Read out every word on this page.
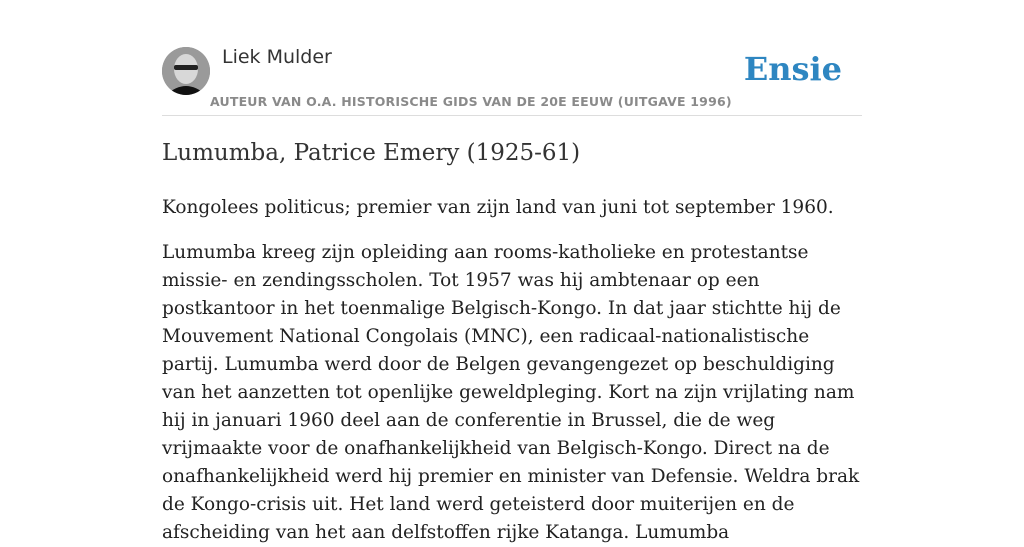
Liek Mulder
AUTEUR VAN O.A. HISTORISCHE GIDS VAN DE 20E EEUW (UITGAVE 1996)
Ensie
Lumumba, Patrice Emery (1925-61)

Kongolees politicus; premier van zijn land van juni tot september 1960.

Lumumba kreeg zijn opleiding aan rooms-katholieke en protestantse missie- en zendingsscholen. Tot 1957 was hij ambtenaar op een postkantoor in het toenmalige Belgisch-Kongo. In dat jaar stichtte hij de Mouvement National Congolais (MNC), een radicaal-nationalistische partij. Lumumba werd door de Belgen gevangengezet op beschuldiging van het aanzetten tot openlijke geweldpleging. Kort na zijn vrijlating nam hij in januari 1960 deel aan de conferentie in Brussel, die de weg vrijmaakte voor de onafhankelijkheid van Belgisch-Kongo. Direct na de onafhankelijkheid werd hij premier en minister van Defensie. Weldra brak de Kongo-crisis uit. Het land werd geteisterd door muiterijen en de afscheiding van het aan delfstoffen rijke Katanga. Lumumba
